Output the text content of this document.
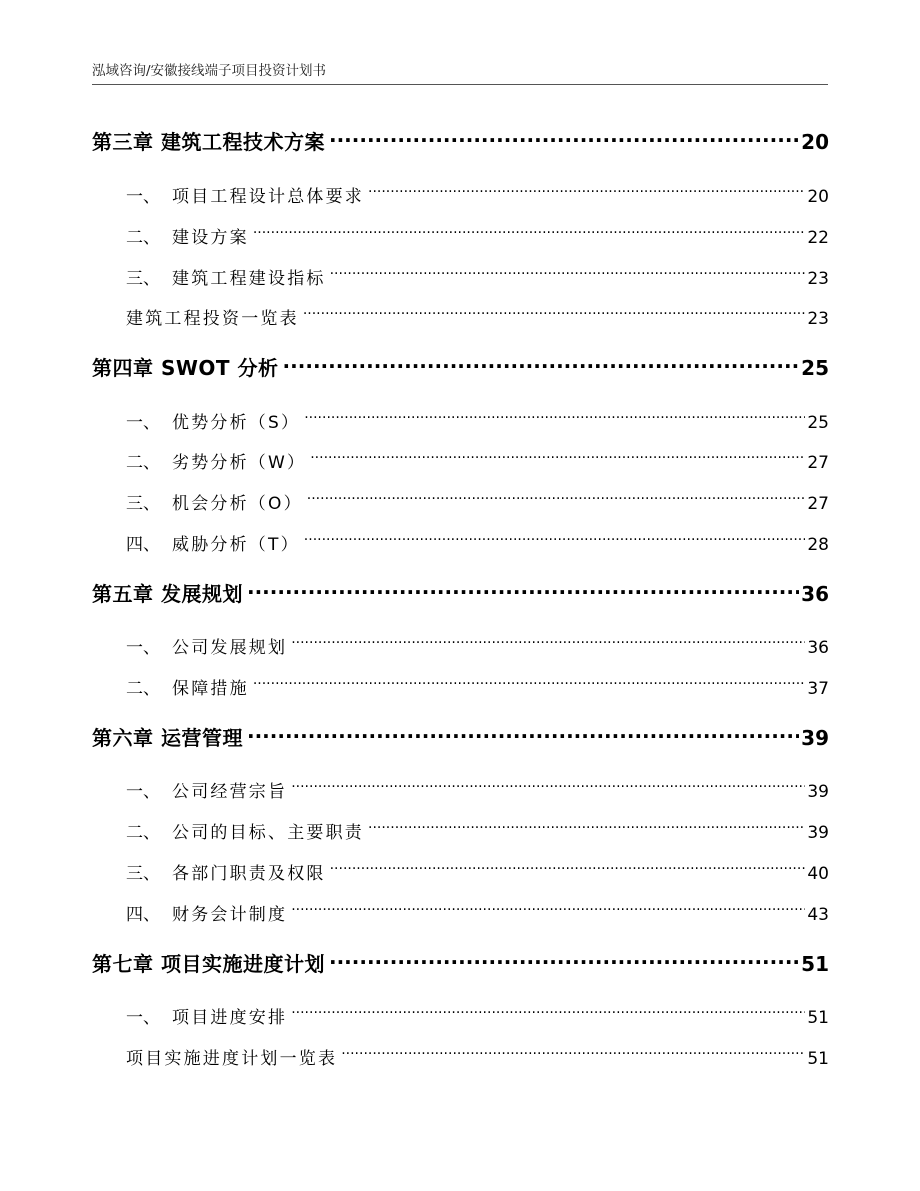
泓域咨询/安徽接线端子项目投资计划书
第三章 建筑工程技术方案 .....	20
一、 项目工程设计总体要求 .....	20
二、 建设方案 .....	22
三、 建筑工程建设指标 .....	23
建筑工程投资一览表 .....	23
第四章 SWOT 分析 .....	25
一、 优势分析（S） .....	25
二、 劣势分析（W） .....	27
三、 机会分析（O） .....	27
四、 威胁分析（T） .....	28
第五章 发展规划 .....	36
一、 公司发展规划 .....	36
二、 保障措施 .....	37
第六章 运营管理 .....	39
一、 公司经营宗旨 .....	39
二、 公司的目标、主要职责 .....	39
三、 各部门职责及权限 .....	40
四、 财务会计制度 .....	43
第七章 项目实施进度计划 .....	51
一、 项目进度安排 .....	51
项目实施进度计划一览表 .....	51
